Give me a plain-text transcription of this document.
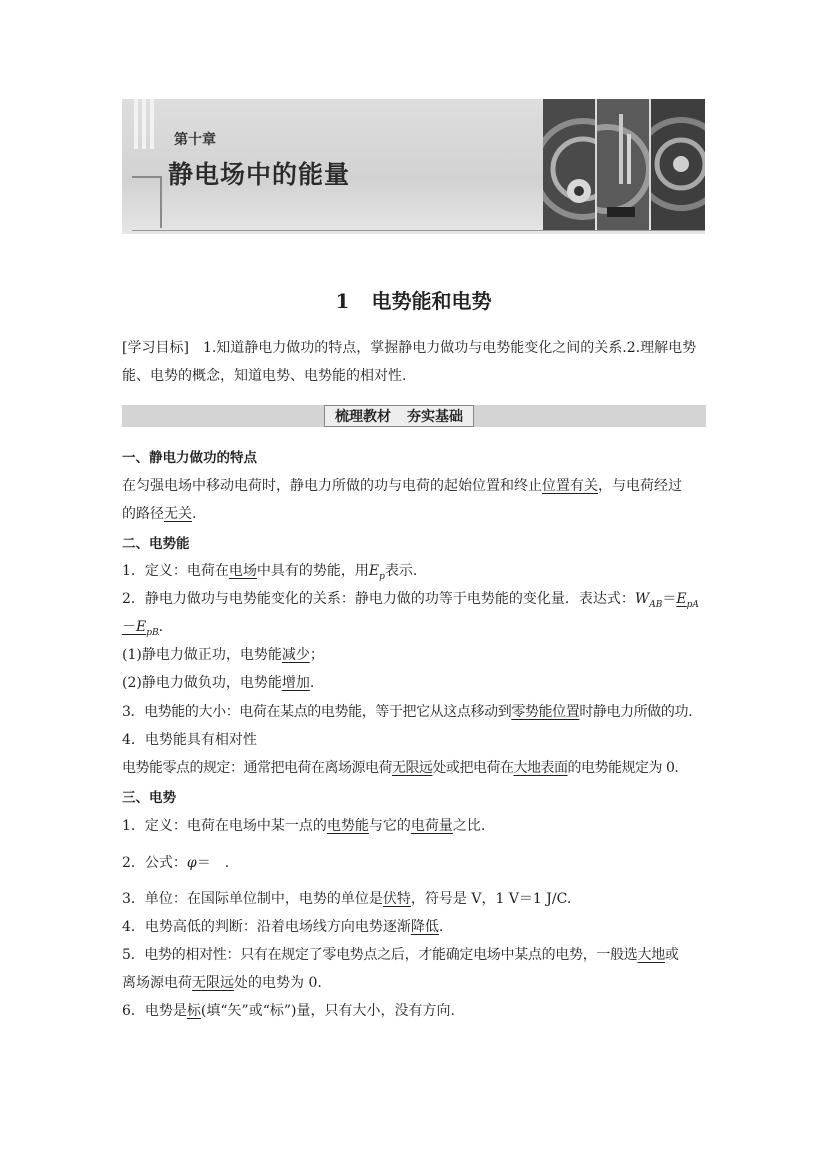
第十章
静电场中的能量
1 电势能和电势
[学习目标]　 1.知道静电力做功的特点，掌握静电力做功与电势能变化之间的关系.2.理解电势
能、电势的概念，知道电势、电势能的相对性.
梳理教材 夯实基础
一、静电力做功的特点
在匀强电场中移动电荷时，静电力所做的功与电荷的起始位置和终止位置有关，与电荷经过
的路径无关.
二、电势能
1．定义：电荷在电场中具有的势能，用$E_p$表示.
2．静电力做功与电势能变化的关系：静电力做的功等于电势能的变化量．表达式：$W_{AB}=E_{pA}$
$-E_{pB}$.
(1)静电力做正功，电势能减少；
(2)静电力做负功，电势能增加.
3．电势能的大小：电荷在某点的电势能，等于把它从这点移动到零势能位置时静电力所做的功.
4．电势能具有相对性
电势能零点的规定：通常把电荷在离场源电荷无限远处或把电荷在大地表面的电势能规定为 0.
三、电势
1．定义：电荷在电场中某一点的电势能与它的电荷量之比.
2．公式：φ＝　.
3．单位：在国际单位制中，电势的单位是伏特，符号是 V，1 V＝1 J/C.
4．电势高低的判断：沿着电场线方向电势逐渐降低.
5．电势的相对性：只有在规定了零电势点之后，才能确定电场中某点的电势，一般选大地或
离场源电荷无限远处的电势为 0.
6．电势是标(填“矢”或“标”)量，只有大小，没有方向.
